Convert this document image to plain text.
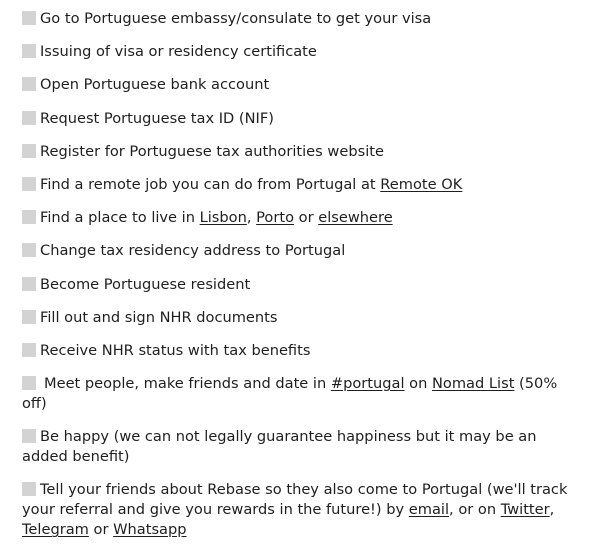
Go to Portuguese embassy/consulate to get your visa
Issuing of visa or residency certificate
Open Portuguese bank account
Request Portuguese tax ID (NIF)
Register for Portuguese tax authorities website
Find a remote job you can do from Portugal at Remote OK
Find a place to live in Lisbon, Porto or elsewhere
Change tax residency address to Portugal
Become Portuguese resident
Fill out and sign NHR documents
Receive NHR status with tax benefits
Meet people, make friends and date in #portugal on Nomad List (50% off)
Be happy (we can not legally guarantee happiness but it may be an added benefit)
Tell your friends about Rebase so they also come to Portugal (we'll track your referral and give you rewards in the future!) by email, or on Twitter, Telegram or Whatsapp
